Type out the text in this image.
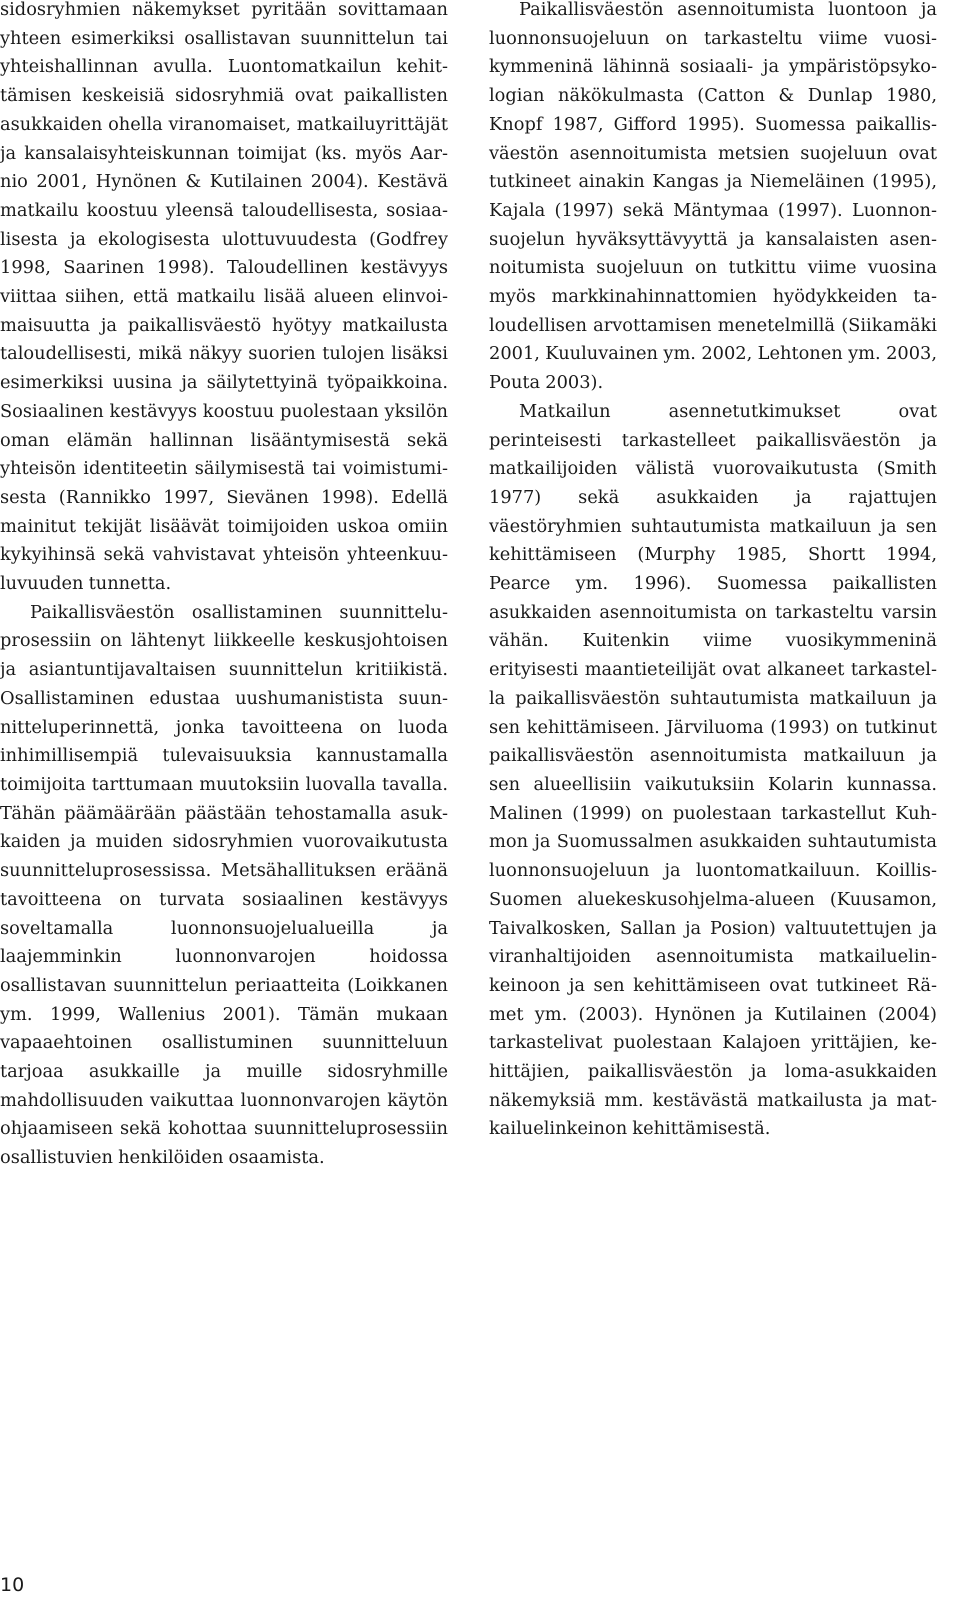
sidosryhmien näkemykset pyritään sovittamaan yhteen esimerkiksi osallistavan suunnittelun tai yhteishallinnan avulla. Luontomatkailun kehittämisen keskeisiä sidosryhmiä ovat paikallisten asukkaiden ohella viranomaiset, matkailuyrittäjät ja kansalaisyhteiskunnan toimijat (ks. myös Aarnio 2001, Hynönen & Kutilainen 2004). Kestävä matkailu koostuu yleensä taloudellisesta, sosiaalisesta ja ekologisesta ulottuvuudesta (Godfrey 1998, Saarinen 1998). Taloudellinen kestävyys viittaa siihen, että matkailu lisää alueen elinvoimaisuutta ja paikallisväestö hyötyy matkailusta taloudellisesti, mikä näkyy suorien tulojen lisäksi esimerkiksi uusina ja säilytettyinä työpaikkoina. Sosiaalinen kestävyys koostuu puolestaan yksilön oman elämän hallinnan lisääntymisestä sekä yhteisön identiteetin säilymisestä tai voimistumisesta (Rannikko 1997, Sievänen 1998). Edellä mainitut tekijät lisäävät toimijoiden uskoa omiin kykyihinsä sekä vahvistavat yhteisön yhteenkuuluvuuden tunnetta.

Paikallisväestön osallistaminen suunnitteluprosessiin on lähtenyt liikkeelle keskusjohtoisen ja asiantuntijavaltaisen suunnittelun kritiikistä. Osallistaminen edustaa uushumanistista suunnitteluperinnettä, jonka tavoitteena on luoda inhimillisempiä tulevaisuuksia kannustamalla toimijoita tarttumaan muutoksiin luovalla tavalla. Tähän päämäärään päästään tehostamalla asukkaiden ja muiden sidosryhmien vuorovaikutusta suunnitteluprosessissa. Metsähallituksen eräänä tavoitteena on turvata sosiaalinen kestävyys soveltamalla luonnonsuojelualueilla ja laajemminkin luonnonvarojen hoidossa osallistavan suunnittelun periaatteita (Loikkanen ym. 1999, Wallenius 2001). Tämän mukaan vapaaehtoinen osallistuminen suunnitteluun tarjoaa asukkaille ja muille sidosryhmille mahdollisuuden vaikuttaa luonnonvarojen käytön ohjaamiseen sekä kohottaa suunnitteluprosessiin osallistuvien henkilöiden osaamista.

Paikallisväestön asennoitumista luontoon ja luonnonsuojeluun on tarkasteltu viime vuosikymmeninä lähinnä sosiaali- ja ympäristöpsykologian näkökulmasta (Catton & Dunlap 1980, Knopf 1987, Gifford 1995). Suomessa paikallisväestön asennoitumista metsien suojeluun ovat tutkineet ainakin Kangas ja Niemeläinen (1995), Kajala (1997) sekä Mäntymaa (1997). Luonnonsuojelun hyväksyttävyyttä ja kansalaisten asennoitumista suojeluun on tutkittu viime vuosina myös markkinahinnattomien hyödykkeiden taloudellisen arvottamisen menetelmillä (Siikamäki 2001, Kuuluvainen ym. 2002, Lehtonen ym. 2003, Pouta 2003).

Matkailun asennetutkimukset ovat perinteisesti tarkastelleet paikallisväestön ja matkailijoiden välistä vuorovaikutusta (Smith 1977) sekä asukkaiden ja rajattujen väestöryhmien suhtautumista matkailuun ja sen kehittämiseen (Murphy 1985, Shortt 1994, Pearce ym. 1996). Suomessa paikallisten asukkaiden asennoitumista on tarkasteltu varsin vähän. Kuitenkin viime vuosikymmeninä erityisesti maantieteilijät ovat alkaneet tarkastella paikallisväestön suhtautumista matkailuun ja sen kehittämiseen. Järviluoma (1993) on tutkinut paikallisväestön asennoitumista matkailuun ja sen alueellisiin vaikutuksiin Kolarin kunnassa. Malinen (1999) on puolestaan tarkastellut Kuhmon ja Suomussalmen asukkaiden suhtautumista luonnonsuojeluun ja luontomatkailuun. Koillis-Suomen aluekeskusohjelma-alueen (Kuusamon, Taivalkosken, Sallan ja Posion) valtuutettujen ja viranhaltijoiden asennoitumista matkailuelinkeinoon ja sen kehittämiseen ovat tutkineet Rämet ym. (2003). Hynönen ja Kutilainen (2004) tarkastelivat puolestaan Kalajoen yrittäjien, kehittäjien, paikallisväestön ja loma-asukkaiden näkemyksiä mm. kestävästä matkailusta ja matkailuelinkeinon kehittämisestä.

10
